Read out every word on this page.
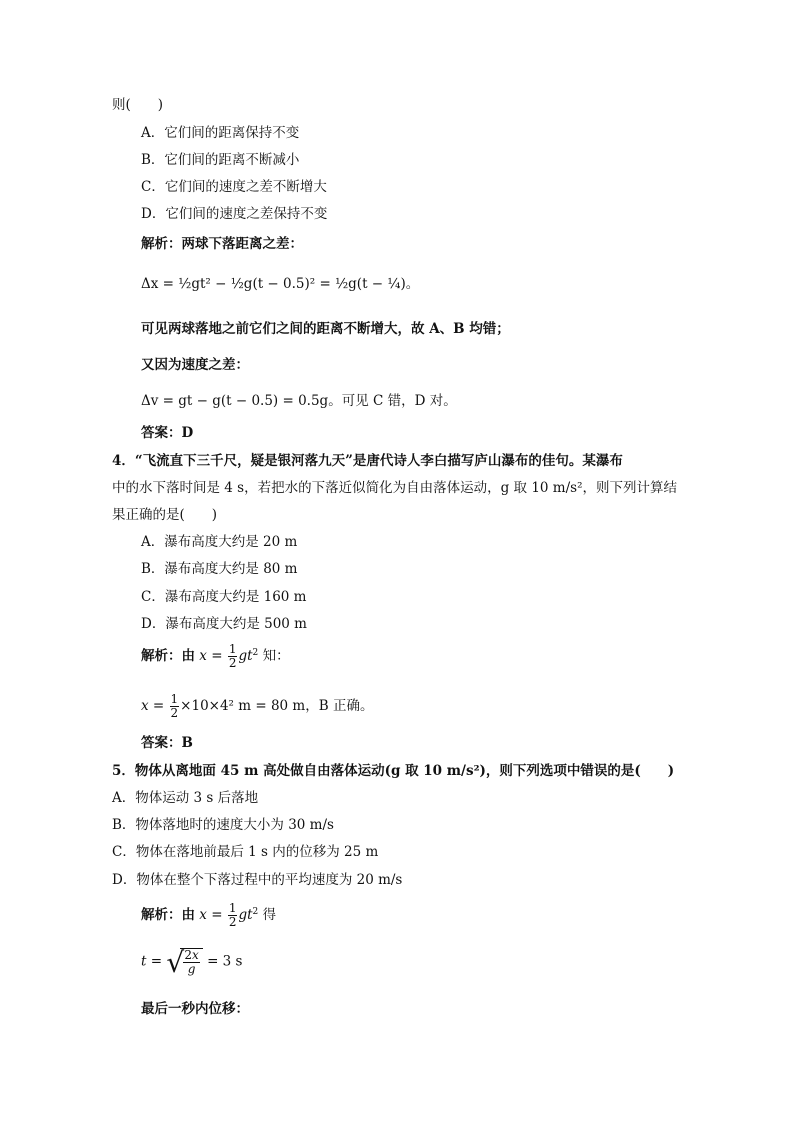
则(　　)
A．它们间的距离保持不变
B．它们间的距离不断减小
C．它们间的速度之差不断增大
D．它们间的速度之差保持不变
解析：两球下落距离之差：
Δx = ½gt² − ½g(t − 0.5)² = ½g(t − ¼)。
可见两球落地之前它们之间的距离不断增大，故 A、B 均错；
又因为速度之差：
Δv = gt − g(t − 0.5) = 0.5g。可见 C 错，D 对。
答案：D
4．“飞流直下三千尺，疑是银河落九天”是唐代诗人李白描写庐山瀑布的佳句。某瀑布
中的水下落时间是 4 s，若把水的下落近似简化为自由落体运动，g 取 10 m/s²，则下列计算结
果正确的是(　　)
A．瀑布高度大约是 20 m
B．瀑布高度大约是 80 m
C．瀑布高度大约是 160 m
D．瀑布高度大约是 500 m
解析：由 $x = \frac{1}{2} gt^2$ 知：
$x = \frac{1}{2} \times 10\times 4^2$ m = 80 m，B 正确。
答案：B
5．物体从离地面 45 m 高处做自由落体运动(g 取 10 m/s²)，则下列选项中错误的是(　　)
A．物体运动 3 s 后落地
B．物体落地时的速度大小为 30 m/s
C．物体在落地前最后 1 s 内的位移为 25 m
D．物体在整个下落过程中的平均速度为 20 m/s
解析：由 $x = \frac{1}{2} gt^2$ 得
t = √ $\frac{2x}{g} = 3$ s
最后一秒内位移：
